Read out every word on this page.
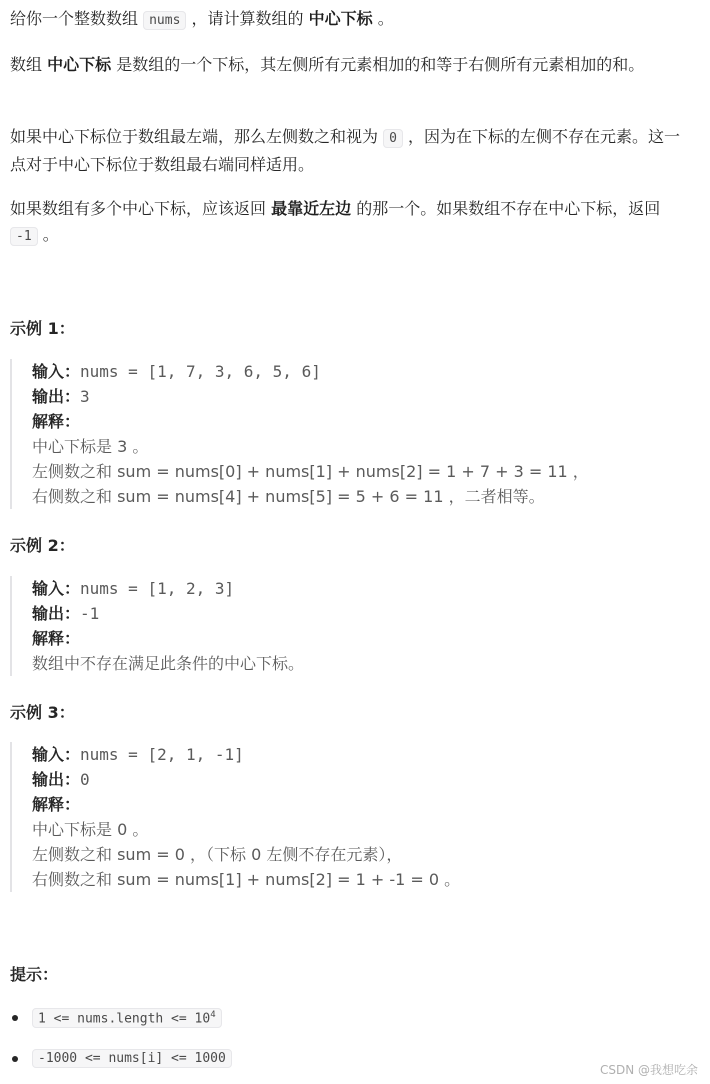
给你一个整数数组 nums ，请计算数组的 中心下标 。

数组 中心下标 是数组的一个下标，其左侧所有元素相加的和等于右侧所有元素相加的和。

如果中心下标位于数组最左端，那么左侧数之和视为 0 ，因为在下标的左侧不存在元素。这一点对于中心下标位于数组最右端同样适用。

如果数组有多个中心下标，应该返回 最靠近左边 的那一个。如果数组不存在中心下标，返回 -1 。

示例 1：

输入：nums = [1, 7, 3, 6, 5, 6]
输出：3
解释：
中心下标是 3 。
左侧数之和 sum = nums[0] + nums[1] + nums[2] = 1 + 7 + 3 = 11 ，
右侧数之和 sum = nums[4] + nums[5] = 5 + 6 = 11 ，二者相等。

示例 2：

输入：nums = [1, 2, 3]
输出：-1
解释：
数组中不存在满足此条件的中心下标。

示例 3：

输入：nums = [2, 1, -1]
输出：0
解释：
中心下标是 0 。
左侧数之和 sum = 0 ，（下标 0 左侧不存在元素），
右侧数之和 sum = nums[1] + nums[2] = 1 + -1 = 0 。

提示：

1 <= nums.length <= $10^4$
-1000 <= nums[i] <= 1000
CSDN @我想吃余
